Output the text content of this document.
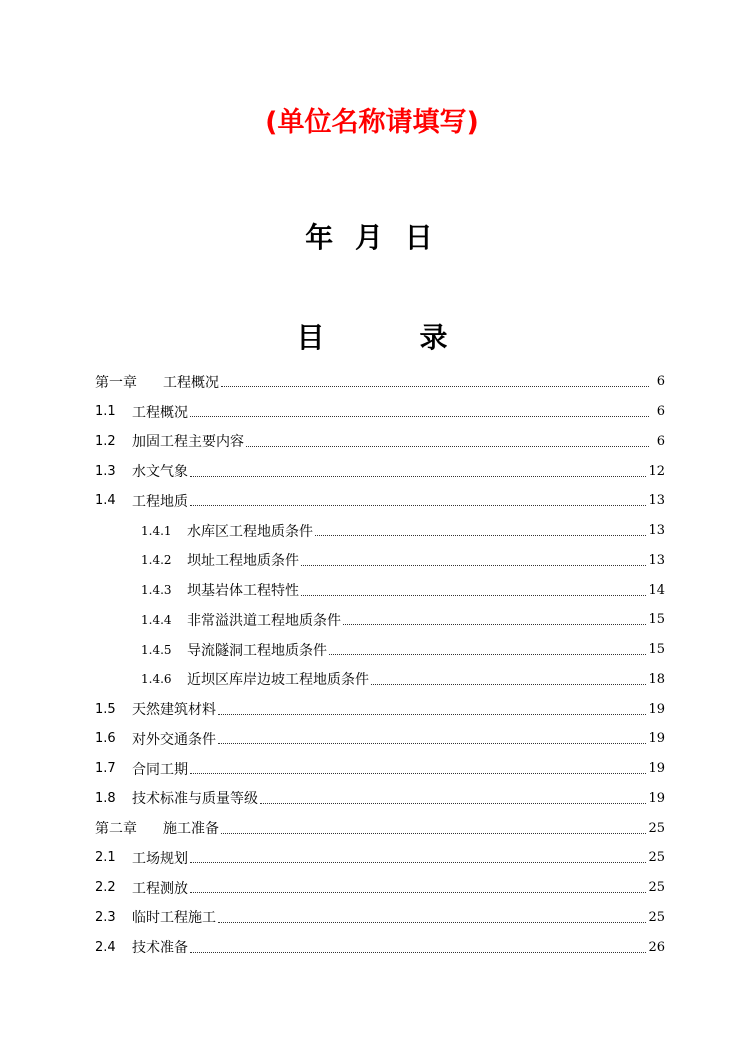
(单位名称请填写)
年 月 日
目	录
第一章	工程概况	6
1.1	工程概况	6
1.2	加固工程主要内容	6
1.3	水文气象	12
1.4	工程地质	13
1.4.1	水库区工程地质条件	13
1.4.2	坝址工程地质条件	13
1.4.3	坝基岩体工程特性	14
1.4.4	非常溢洪道工程地质条件	15
1.4.5	导流隧洞工程地质条件	15
1.4.6	近坝区库岸边坡工程地质条件	18
1.5	天然建筑材料	19
1.6	对外交通条件	19
1.7	合同工期	19
1.8	技术标准与质量等级	19
第二章	施工准备	25
2.1	工场规划	25
2.2	工程测放	25
2.3	临时工程施工	25
2.4	技术准备	26
